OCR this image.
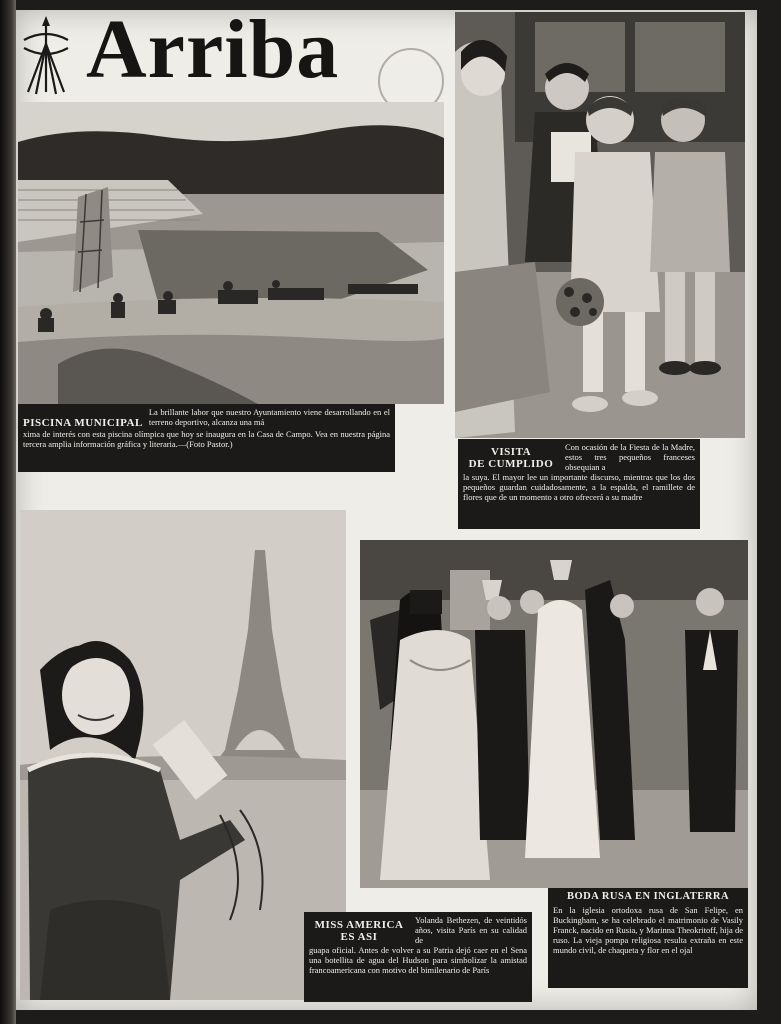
Arriba
PISCINA MUNICIPAL

La brillante labor que nuestro Ayuntamiento viene desarrollando en el terreno deportivo, alcanza una má

xima de interés con esta piscina olímpica que hoy se inaugura en la Casa de Campo. Vea en nuestra página tercera amplia información gráfica y literaria.—(Foto Pastor.)

VISITA
DE CUMPLIDO

Con ocasión de la Fiesta de la Madre, estos tres pequeños franceses obsequian a

la suya. El mayor lee un importante discurso, mientras que los dos pequeños guardan cuidadosamente, a la espalda, el ramillete de flores que de un momento a otro ofrecerá a su madre

MISS AMERICA
ES ASI

Yolanda Bethezen, de veintidós años, visita París en su calidad de

guapa oficial. Antes de volver a su Patria dejó caer en el Sena una botellita de agua del Hudson para simbolizar la amistad francoamericana con motivo del bimilenario de París

BODA RUSA EN INGLATERRA

En la iglesia ortodoxa rusa de San Felipe, en Buckingham, se ha celebrado el matrimonio de Vasily Franck, nacido en Rusia, y Marinna Theokritoff, hija de ruso. La vieja pompa religiosa resulta extraña en este mundo civil, de chaqueta y flor en el ojal
